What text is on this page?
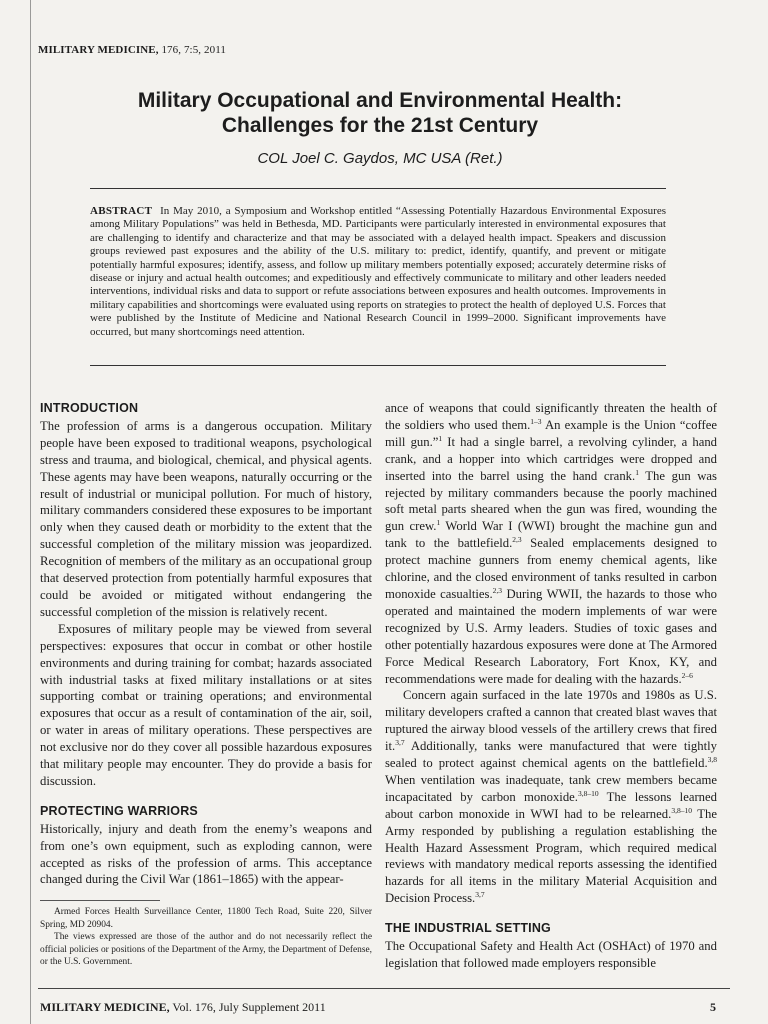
MILITARY MEDICINE, 176, 7:5, 2011
Military Occupational and Environmental Health:
Challenges for the 21st Century
COL Joel C. Gaydos, MC USA (Ret.)
ABSTRACT In May 2010, a Symposium and Workshop entitled “Assessing Potentially Hazardous Environmental Exposures among Military Populations” was held in Bethesda, MD. Participants were particularly interested in environmental exposures that are challenging to identify and characterize and that may be associated with a delayed health impact. Speakers and discussion groups reviewed past exposures and the ability of the U.S. military to: predict, identify, quantify, and prevent or mitigate potentially harmful exposures; identify, assess, and follow up military members potentially exposed; accurately determine risks of disease or injury and actual health outcomes; and expeditiously and effectively communicate to military and other leaders needed interventions, individual risks and data to support or refute associations between exposures and health outcomes. Improvements in military capabilities and shortcomings were evaluated using reports on strategies to protect the health of deployed U.S. Forces that were published by the Institute of Medicine and National Research Council in 1999–2000. Significant improvements have occurred, but many shortcomings need attention.
INTRODUCTION

The profession of arms is a dangerous occupation. Military people have been exposed to traditional weapons, psychological stress and trauma, and biological, chemical, and physical agents. These agents may have been weapons, naturally occurring or the result of industrial or municipal pollution. For much of history, military commanders considered these exposures to be important only when they caused death or morbidity to the extent that the successful completion of the military mission was jeopardized. Recognition of members of the military as an occupational group that deserved protection from potentially harmful exposures that could be avoided or mitigated without endangering the successful completion of the mission is relatively recent.

Exposures of military people may be viewed from several perspectives: exposures that occur in combat or other hostile environments and during training for combat; hazards associated with industrial tasks at fixed military installations or at sites supporting combat or training operations; and environmental exposures that occur as a result of contamination of the air, soil, or water in areas of military operations. These perspectives are not exclusive nor do they cover all possible hazardous exposures that military people may encounter. They do provide a basis for discussion.

PROTECTING WARRIORS

Historically, injury and death from the enemy’s weapons and from one’s own equipment, such as exploding cannon, were accepted as risks of the profession of arms. This acceptance changed during the Civil War (1861–1865) with the appear-

ance of weapons that could significantly threaten the health of the soldiers who used them.$^{1-3}$ An example is the Union “coffee mill gun.”$^1$ It had a single barrel, a revolving cylinder, a hand crank, and a hopper into which cartridges were dropped and inserted into the barrel using the hand crank.$^1$ The gun was rejected by military commanders because the poorly machined soft metal parts sheared when the gun was fired, wounding the gun crew.$^1$ World War I (WWI) brought the machine gun and tank to the battlefield.$^{2,3}$ Sealed emplacements designed to protect machine gunners from enemy chemical agents, like chlorine, and the closed environment of tanks resulted in carbon monoxide casualties.$^{2,3}$ During WWII, the hazards to those who operated and maintained the modern implements of war were recognized by U.S. Army leaders. Studies of toxic gases and other potentially hazardous exposures were done at The Armored Force Medical Research Laboratory, Fort Knox, KY, and recommendations were made for dealing with the hazards.$^{2-6}$

Concern again surfaced in the late 1970s and 1980s as U.S. military developers crafted a cannon that created blast waves that ruptured the airway blood vessels of the artillery crews that fired it.$^{3,7}$ Additionally, tanks were manufactured that were tightly sealed to protect against chemical agents on the battlefield.$^{3,8}$ When ventilation was inadequate, tank crew members became incapacitated by carbon monoxide.$^{3,8-10}$ The lessons learned about carbon monoxide in WWI had to be relearned.$^{3,8-10}$ The Army responded by publishing a regulation establishing the Health Hazard Assessment Program, which required medical reviews with mandatory medical reports assessing the identified hazards for all items in the military Material Acquisition and Decision Process.$^{3,7}$

THE INDUSTRIAL SETTING

The Occupational Safety and Health Act (OSHAct) of 1970 and legislation that followed made employers responsible

Armed Forces Health Surveillance Center, 11800 Tech Road, Suite 220, Silver Spring, MD 20904.

The views expressed are those of the author and do not necessarily reflect the official policies or positions of the Department of the Army, the Department of Defense, or the U.S. Government.

MILITARY MEDICINE, Vol. 176, July Supplement 2011	5
